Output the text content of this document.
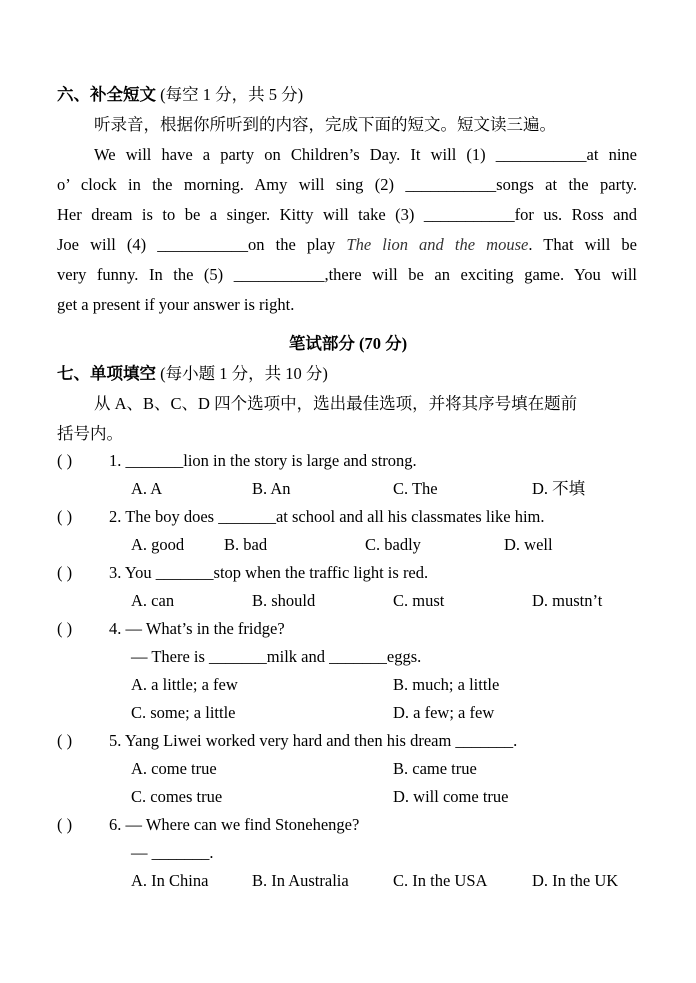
六、补全短文 (每空 1 分，共 5 分)
听录音，根据你所听到的内容，完成下面的短文。短文读三遍。
We will have a party on Children’s Day. It will (1) ___________at nine
o’ clock in the morning. Amy will sing (2) ___________songs at the party.
Her dream is to be a singer. Kitty will take (3) ___________for us. Ross and
Joe will (4) ___________on the play The lion and the mouse. That will be
very funny. In the (5) ___________,there will be an exciting game. You will
get a present if your answer is right.
笔试部分 (70 分)
七、单项填空 (每小题 1 分，共 10 分)
从 A、B、C、D 四个选项中，选出最佳选项，并将其序号填在题前
括号内。
( ) 1. _______lion in the story is large and strong.
A. A	B. An	C. The	D. 不填
( ) 2. The boy does _______at school and all his classmates like him.
A. good B. bad	C. badly	D. well
( ) 3. You _______stop when the traffic light is red.
A. can	B. should	C. must	D. mustn’t
( ) 4. — What’s in the fridge?
— There is _______milk and _______eggs.
A. a little; a few	B. much; a little
C. some; a little	D. a few; a few
( ) 5. Yang Liwei worked very hard and then his dream _______.
A. come true	B. came true
C. comes true	D. will come true
( ) 6. — Where can we find Stonehenge?
— _______.
A. In China	B. In Australia	C. In the USA	D. In the UK
